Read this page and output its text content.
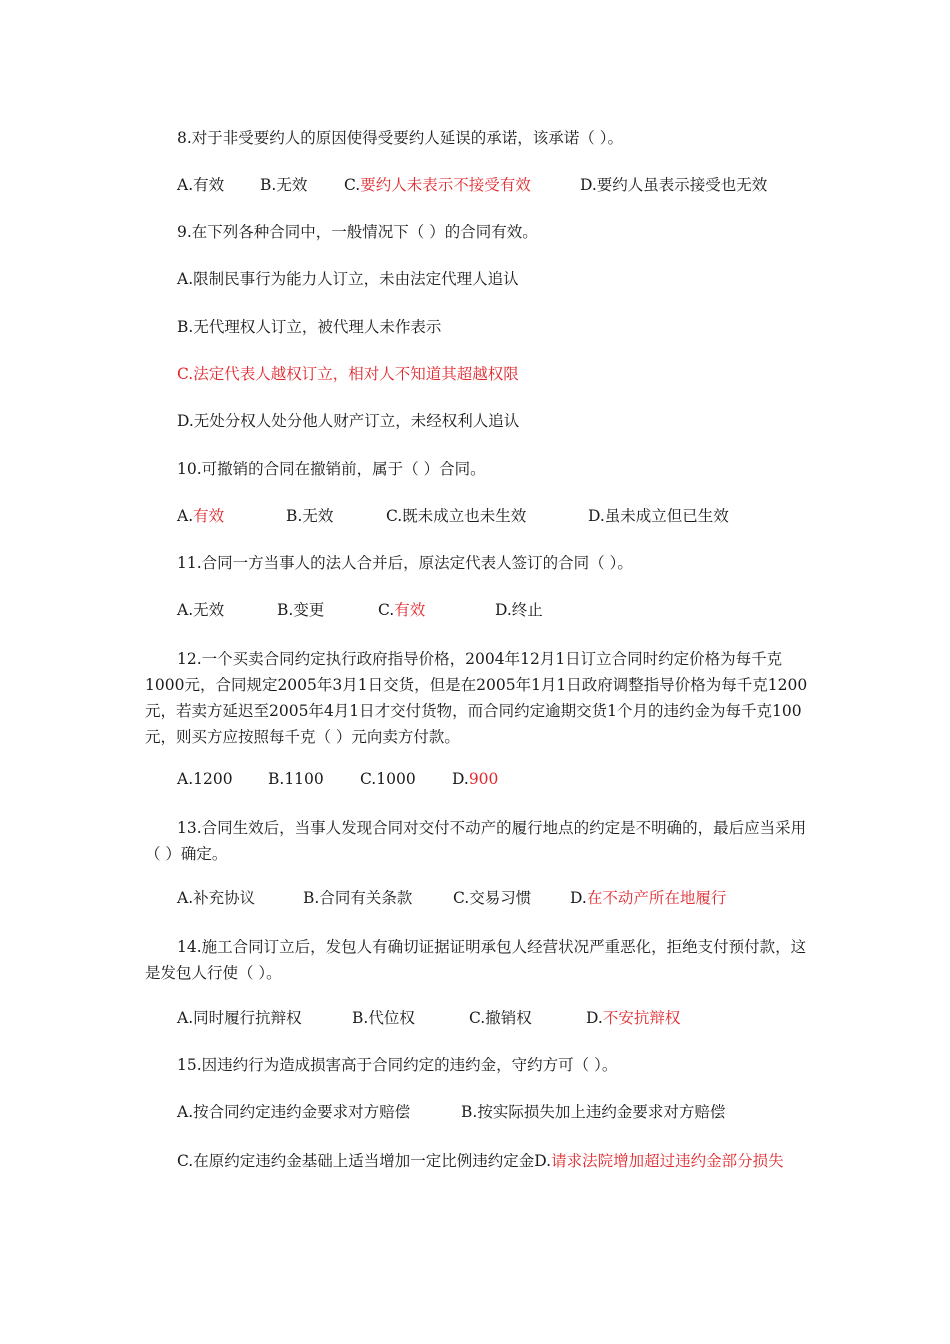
8.对于非受要约人的原因使得受要约人延误的承诺，该承诺（ ）。
A.有效 B.无效 C.要约人未表示不接受有效	D.要约人虽表示接受也无效
9.在下列各种合同中，一般情况下（ ）的合同有效。
A.限制民事行为能力人订立，未由法定代理人追认
B.无代理权人订立，被代理人未作表示
C.法定代表人越权订立，相对人不知道其超越权限
D.无处分权人处分他人财产订立，未经权利人追认
10.可撤销的合同在撤销前，属于（ ）合同。
A.有效	B.无效	C.既未成立也未生效	D.虽未成立但已生效
11.合同一方当事人的法人合并后，原法定代表人签订的合同（ ）。
A.无效	B.变更	C.有效	D.终止
12.一个买卖合同约定执行政府指导价格，2004年12月1日订立合同时约定价格为每千克1000元，合同规定2005年3月1日交货，但是在2005年1月1日政府调整指导价格为每千克1200元，若卖方延迟至2005年4月1日才交付货物，而合同约定逾期交货1个月的违约金为每千克100元，则买方应按照每千克（ ）元向卖方付款。
A.1200 B.1100 C.1000 D.900
13.合同生效后，当事人发现合同对交付不动产的履行地点的约定是不明确的，最后应当采用（ ）确定。
A.补充协议	B.合同有关条款	C.交易习惯	D.在不动产所在地履行
14.施工合同订立后，发包人有确切证据证明承包人经营状况严重恶化，拒绝支付预付款，这是发包人行使（ ）。
A.同时履行抗辩权	B.代位权	C.撤销权	D.不安抗辩权
15.因违约行为造成损害高于合同约定的违约金，守约方可（ ）。
A.按合同约定违约金要求对方赔偿	B.按实际损失加上违约金要求对方赔偿
C.在原约定违约金基础上适当增加一定比例违约定金D.请求法院增加超过违约金部分损失
